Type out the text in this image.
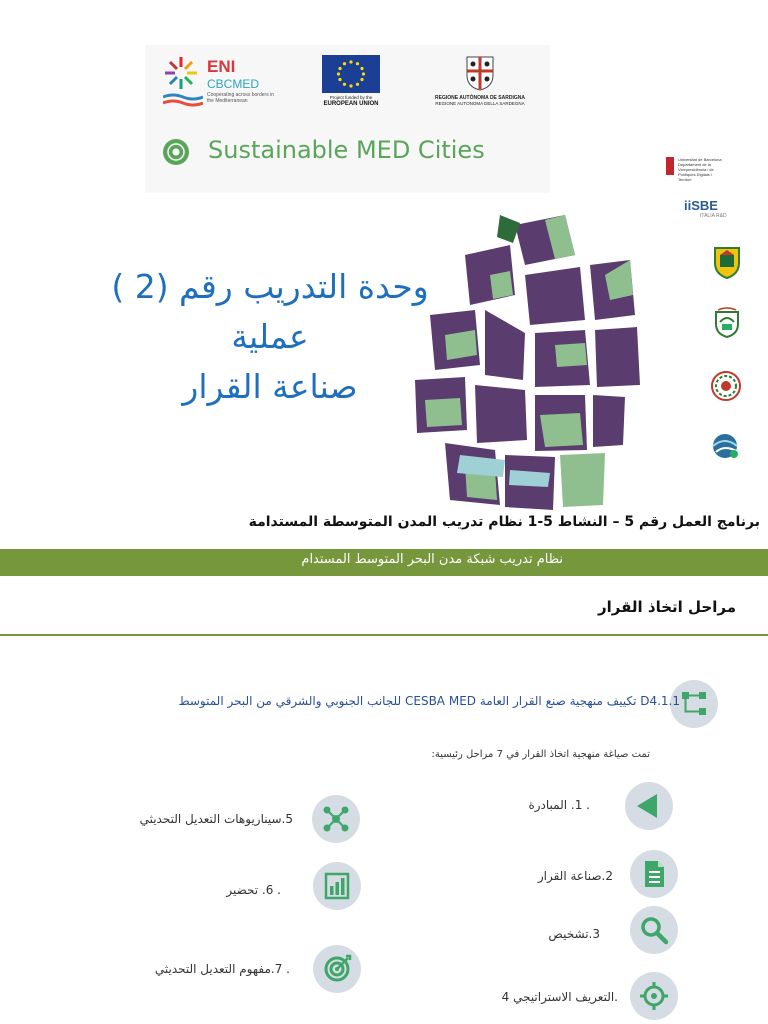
ENI
CBCMED
Cooperating across borders in the Mediterranean
Project funded by the
EUROPEAN UNION
REGIONE AUTÒNOMA DE SARDIGNA
REGIONE AUTONOMA DELLA SARDEGNA
Sustainable MED Cities	Universitat de Barcelona Departament de la Vicepresidència i de Polítiques Digitals i Territori
iiSBE
ITALIA R&D
وحدة التدريب رقم (2 )
عملية
صناعة القرار
برنامج العمل رقم 5 – النشاط 5-1 نظام تدريب المدن المتوسطة المستدامة
نظام تدريب شبكة مدن البحر المتوسط المستدام
مراحل اتخاذ القرار
D4.1.1 تكييف منهجية صنع القرار العامة CESBA MED للجانب الجنوبي والشرقي من البحر المتوسط
تمت صياغة منهجية اتخاذ القرار في 7 مراحل رئيسية:
. 1. المبادرة
2.صناعة القرار
3.تشخيص
.التعريف الاستراتيجي 4
5.سيناريوهات التعديل التحديثي
. 6. تحضير
. 7.مفهوم التعديل التحديثي
